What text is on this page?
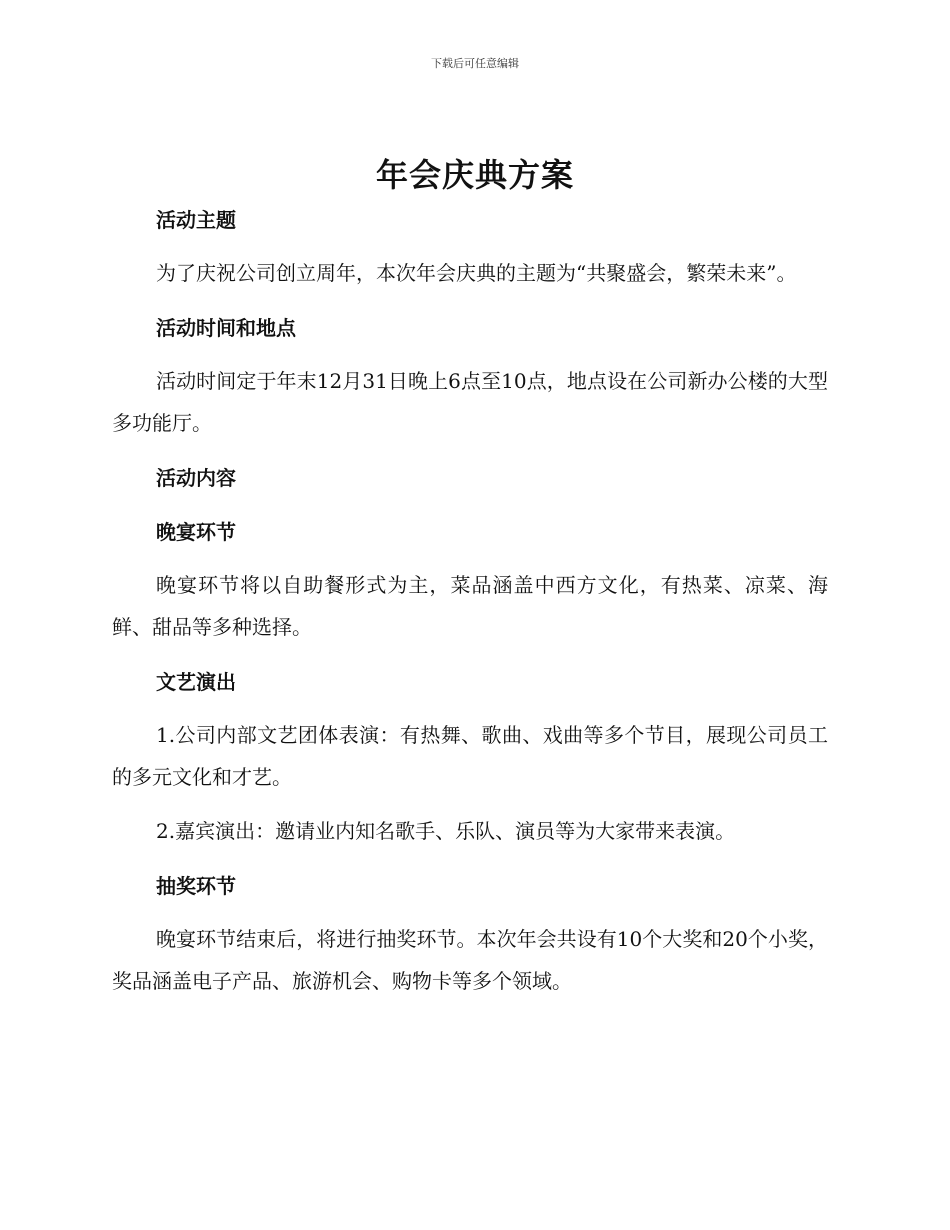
下载后可任意编辑
年会庆典方案
活动主题

为了庆祝公司创立周年，本次年会庆典的主题为“共聚盛会，繁荣未来”。

活动时间和地点

活动时间定于年末12月31日晚上6点至10点，地点设在公司新办公楼的大型多功能厅。

活动内容
晚宴环节

晚宴环节将以自助餐形式为主，菜品涵盖中西方文化，有热菜、凉菜、海鲜、甜品等多种选择。

文艺演出

1.公司内部文艺团体表演：有热舞、歌曲、戏曲等多个节目，展现公司员工的多元文化和才艺。

2.嘉宾演出：邀请业内知名歌手、乐队、演员等为大家带来表演。

抽奖环节

晚宴环节结束后，将进行抽奖环节。本次年会共设有10个大奖和20个小奖，奖品涵盖电子产品、旅游机会、购物卡等多个领域。
